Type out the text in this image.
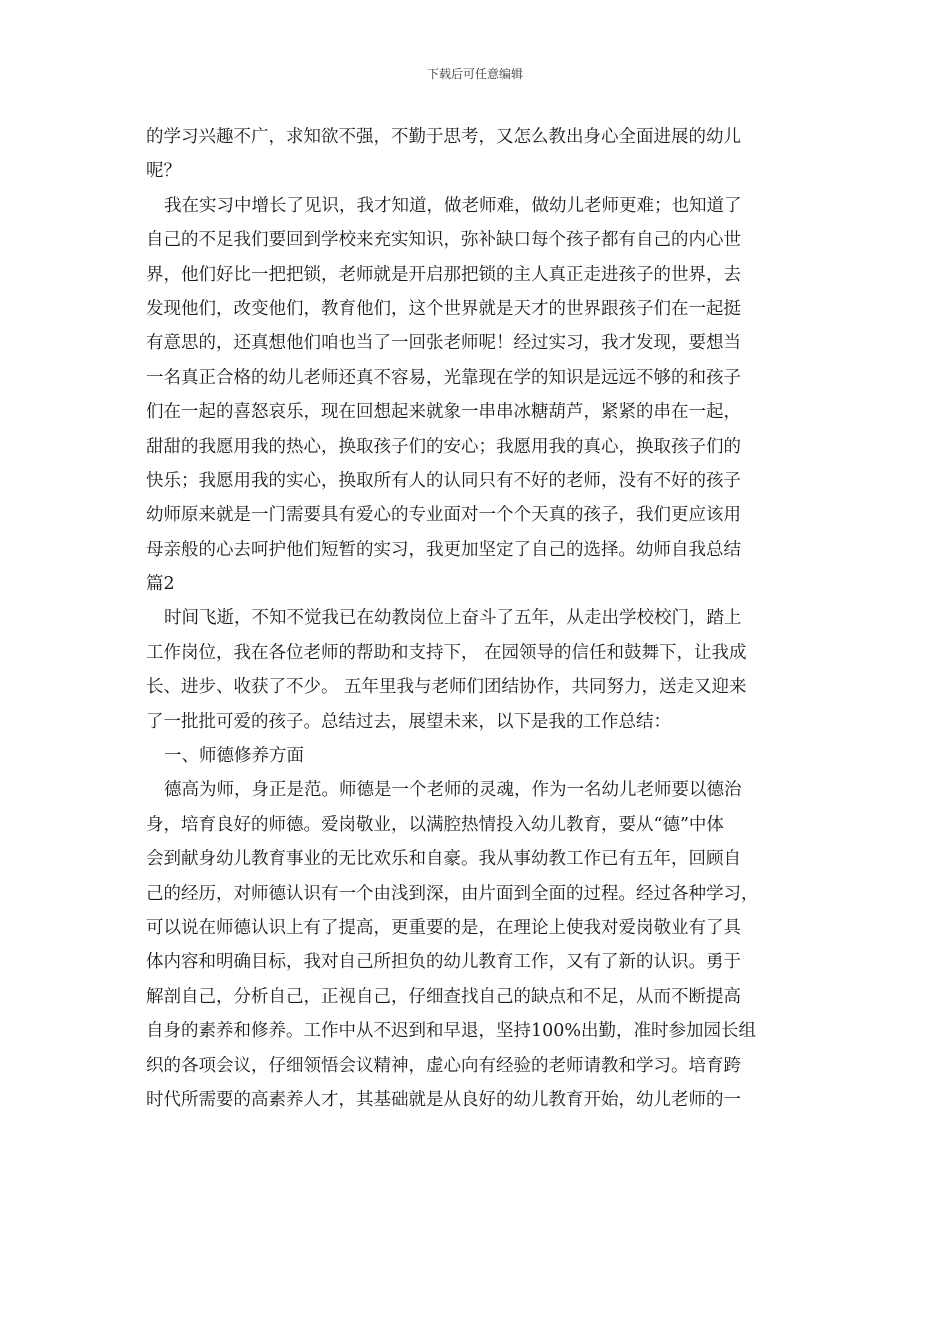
下载后可任意编辑
的学习兴趣不广，求知欲不强，不勤于思考，又怎么教出身心全面进展的幼儿
呢？
我在实习中增长了见识，我才知道，做老师难，做幼儿老师更难；也知道了
自己的不足我们要回到学校来充实知识，弥补缺口每个孩子都有自己的内心世
界，他们好比一把把锁，老师就是开启那把锁的主人真正走进孩子的世界，去
发现他们，改变他们，教育他们，这个世界就是天才的世界跟孩子们在一起挺
有意思的，还真想他们咱也当了一回张老师呢！经过实习，我才发现，要想当
一名真正合格的幼儿老师还真不容易，光靠现在学的知识是远远不够的和孩子
们在一起的喜怒哀乐，现在回想起来就象一串串冰糖葫芦，紧紧的串在一起，
甜甜的我愿用我的热心，换取孩子们的安心；我愿用我的真心，换取孩子们的
快乐；我愿用我的实心，换取所有人的认同只有不好的老师，没有不好的孩子
幼师原来就是一门需要具有爱心的专业面对一个个天真的孩子，我们更应该用
母亲般的心去呵护他们短暂的实习，我更加坚定了自己的选择。幼师自我总结
篇2
时间飞逝，不知不觉我已在幼教岗位上奋斗了五年，从走出学校校门，踏上
工作岗位，我在各位老师的帮助和支持下， 在园领导的信任和鼓舞下，让我成
长、进步、收获了不少。 五年里我与老师们团结协作，共同努力，送走又迎来
了一批批可爱的孩子。总结过去，展望未来，以下是我的工作总结：
一、师德修养方面
德高为师，身正是范。师德是一个老师的灵魂，作为一名幼儿老师要以德治
身，培育良好的师德。爱岗敬业，以满腔热情投入幼儿教育，要从“德”中体
会到献身幼儿教育事业的无比欢乐和自豪。我从事幼教工作已有五年，回顾自
己的经历，对师德认识有一个由浅到深，由片面到全面的过程。经过各种学习，
可以说在师德认识上有了提高，更重要的是，在理论上使我对爱岗敬业有了具
体内容和明确目标，我对自己所担负的幼儿教育工作，又有了新的认识。勇于
解剖自己，分析自己，正视自己，仔细查找自己的缺点和不足，从而不断提高
自身的素养和修养。工作中从不迟到和早退，坚持100%出勤，准时参加园长组
织的各项会议，仔细领悟会议精神，虚心向有经验的老师请教和学习。培育跨
时代所需要的高素养人才，其基础就是从良好的幼儿教育开始，幼儿老师的一
